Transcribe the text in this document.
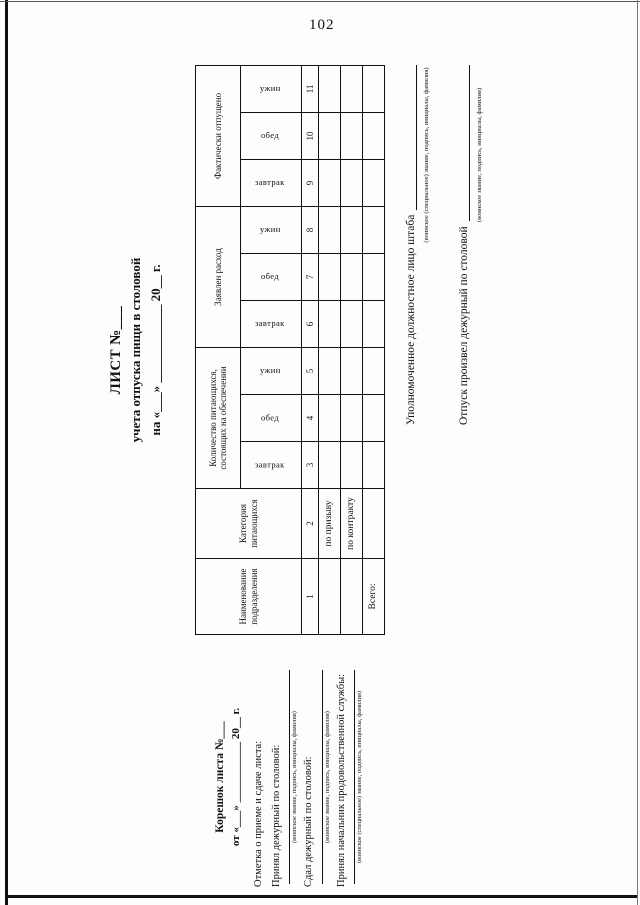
102
Корешок листа №___ от «___» ___________ 20__ г. Отметка о приеме и сдаче листа: Принял дежурный по столовой: (воинское звание, подпись, инициалы, фамилия) Сдал дежурный по столовой: (воинское звание, подпись, инициалы, фамилия) Принял начальник продовольственной службы: (воинское (специальное) звание, подпись, инициалы, фамилия)
ЛИСТ №___ учета отпуска пищи в столовой на «___» ____________ 20__ г.
Наименование подразделения	Категория питающихся	Количество питающихся, состоящих на обеспечении			Заявлен расход			Фактически отпущено		
		завтрак	обед	ужин	завтрак	обед	ужин	завтрак	обед	ужин
1	2	3	4	5	6	7	8	9	10	11
	по призыву									
	по контракту									
Всего:										
Уполномоченное должностное лицо штаба
(воинское (специальное) звание, подпись, инициалы, фамилия)
Отпуск произвел дежурный по столовой
(воинское звание, подпись, инициалы, фамилия)
